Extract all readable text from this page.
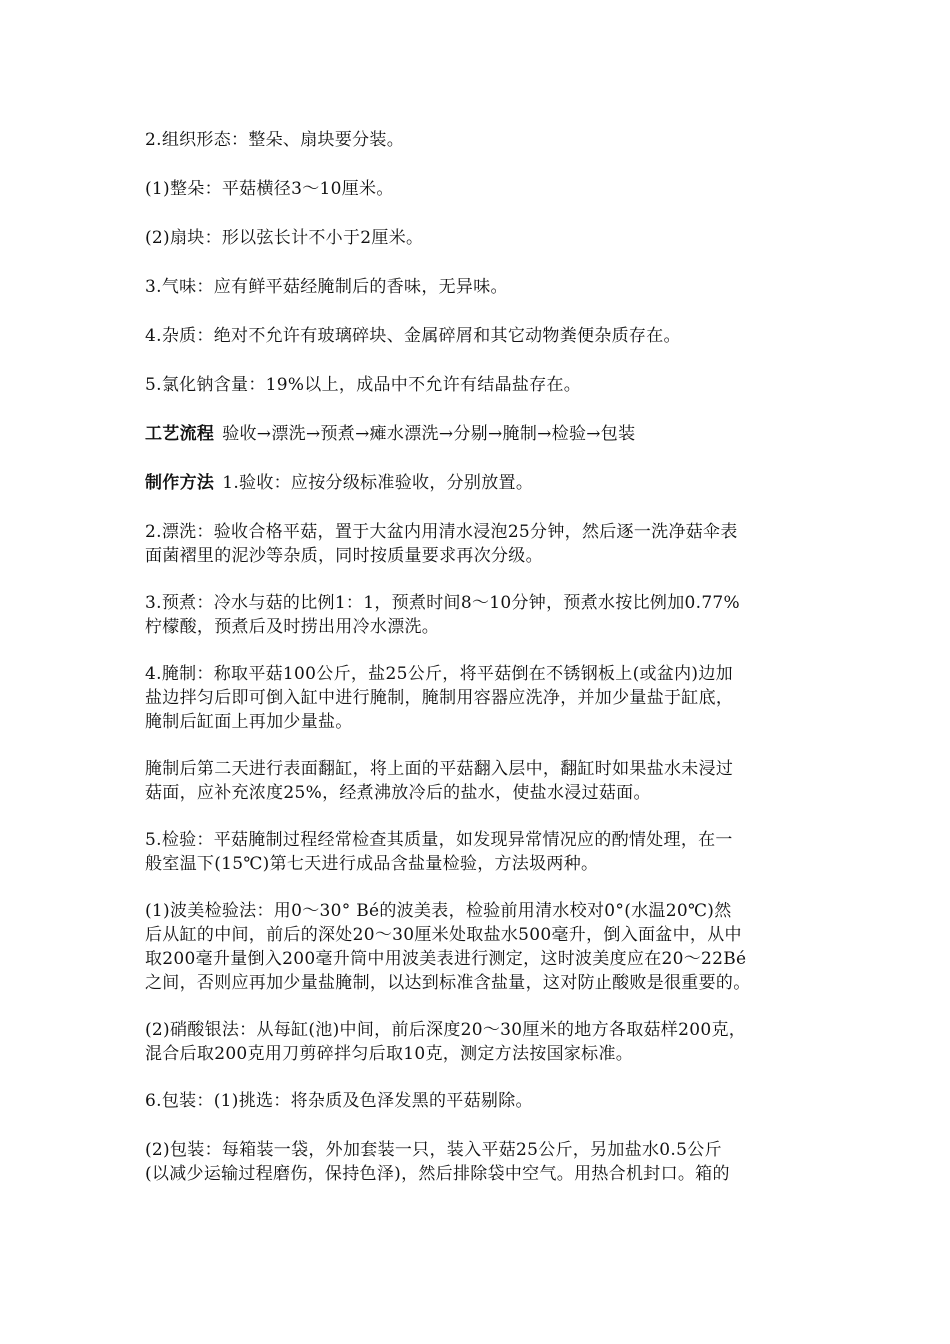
2.组织形态：整朵、扇块要分装。

(1)整朵：平菇横径3～10厘米。

(2)扇块：形以弦长计不小于2厘米。

3.气味：应有鲜平菇经腌制后的香味，无异味。

4.杂质：绝对不允许有玻璃碎块、金属碎屑和其它动物粪便杂质存在。

5.氯化钠含量：19%以上，成品中不允许有结晶盐存在。

工艺流程 验收→漂洗→预煮→瘫水漂洗→分剔→腌制→检验→包装

制作方法 1.验收：应按分级标准验收，分别放置。

2.漂洗：验收合格平菇，置于大盆内用清水浸泡25分钟，然后逐一洗净菇伞表
面菌褶里的泥沙等杂质，同时按质量要求再次分级。

3.预煮：冷水与菇的比例1：1，预煮时间8～10分钟，预煮水按比例加0.77%
柠檬酸，预煮后及时捞出用冷水漂洗。

4.腌制：称取平菇100公斤，盐25公斤，将平菇倒在不锈钢板上(或盆内)边加
盐边拌匀后即可倒入缸中进行腌制，腌制用容器应洗净，并加少量盐于缸底，
腌制后缸面上再加少量盐。

腌制后第二天进行表面翻缸，将上面的平菇翻入层中，翻缸时如果盐水未浸过
菇面，应补充浓度25%，经煮沸放冷后的盐水，使盐水浸过菇面。

5.检验：平菇腌制过程经常检查其质量，如发现异常情况应的酌情处理，在一
般室温下(15℃)第七天进行成品含盐量检验，方法圾两种。

(1)波美检验法：用0～30° Bé的波美表，检验前用清水校对0°(水温20℃)然
后从缸的中间，前后的深处20～30厘米处取盐水500毫升，倒入面盆中，从中
取200毫升量倒入200毫升筒中用波美表进行测定，这时波美度应在20～22Bé
之间，否则应再加少量盐腌制，以达到标准含盐量，这对防止酸败是很重要的。

(2)硝酸银法：从每缸(池)中间，前后深度20～30厘米的地方各取菇样200克，
混合后取200克用刀剪碎拌匀后取10克，测定方法按国家标准。

6.包装：(1)挑选：将杂质及色泽发黑的平菇剔除。

(2)包装：每箱装一袋，外加套装一只，装入平菇25公斤，另加盐水0.5公斤
(以减少运输过程磨伤，保持色泽)，然后排除袋中空气。用热合机封口。箱的
